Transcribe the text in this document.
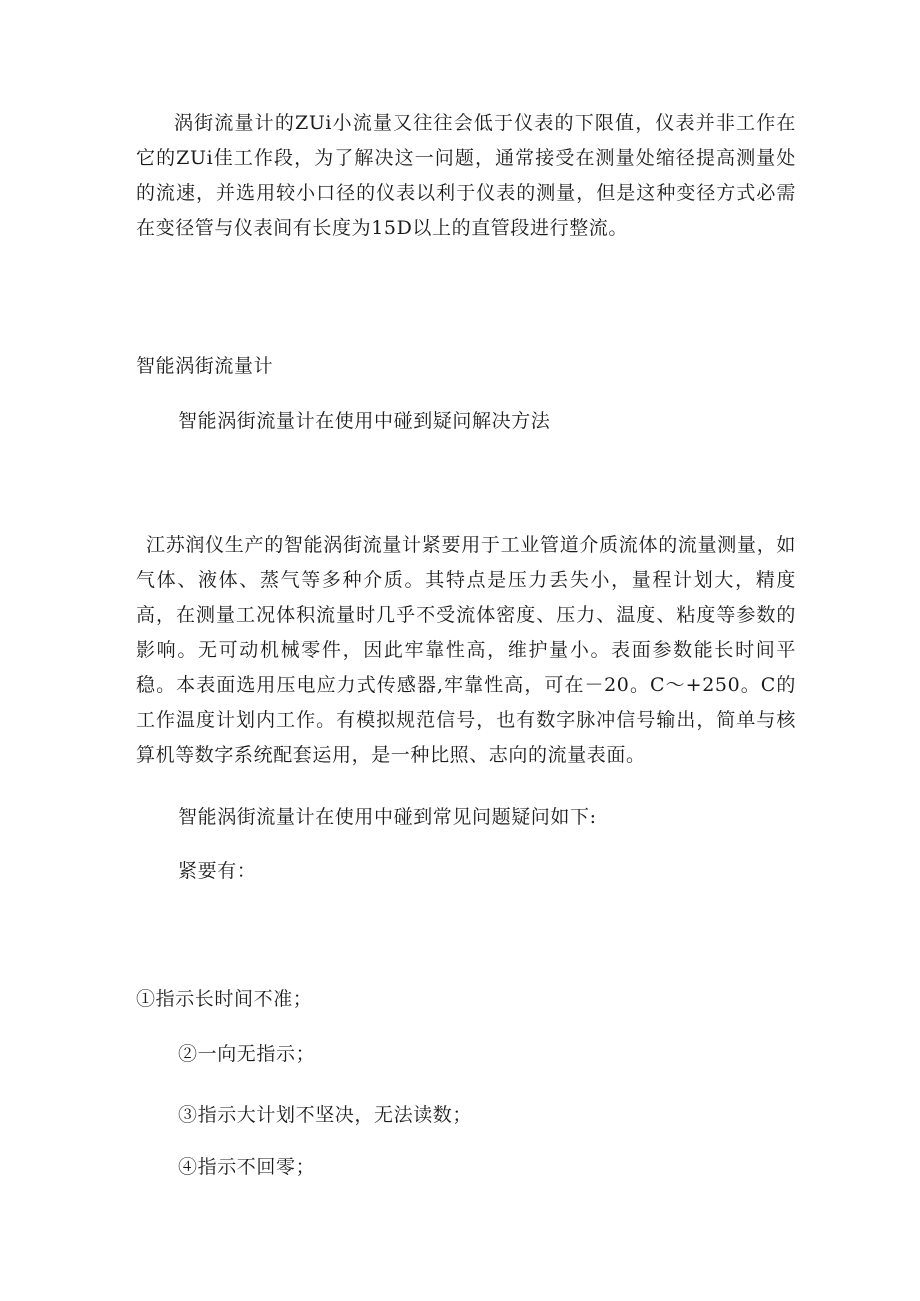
涡街流量计的ZUi小流量又往往会低于仪表的下限值，仪表并非工作在它的ZUi佳工作段，为了解决这一问题，通常接受在测量处缩径提高测量处的流速，并选用较小口径的仪表以利于仪表的测量，但是这种变径方式必需在变径管与仪表间有长度为15D以上的直管段进行整流。

智能涡街流量计

智能涡街流量计在使用中碰到疑问解决方法

江苏润仪生产的智能涡街流量计紧要用于工业管道介质流体的流量测量，如气体、液体、蒸气等多种介质。其特点是压力丢失小，量程计划大，精度高，在测量工况体积流量时几乎不受流体密度、压力、温度、粘度等参数的影响。无可动机械零件，因此牢靠性高，维护量小。表面参数能长时间平稳。本表面选用压电应力式传感器,牢靠性高，可在－20。C～+250。C的工作温度计划内工作。有模拟规范信号，也有数字脉冲信号输出，简单与核算机等数字系统配套运用，是一种比照、志向的流量表面。

智能涡街流量计在使用中碰到常见问题疑问如下:

紧要有：

①指示长时间不准；

②一向无指示；

③指示大计划不坚决，无法读数；

④指示不回零；
